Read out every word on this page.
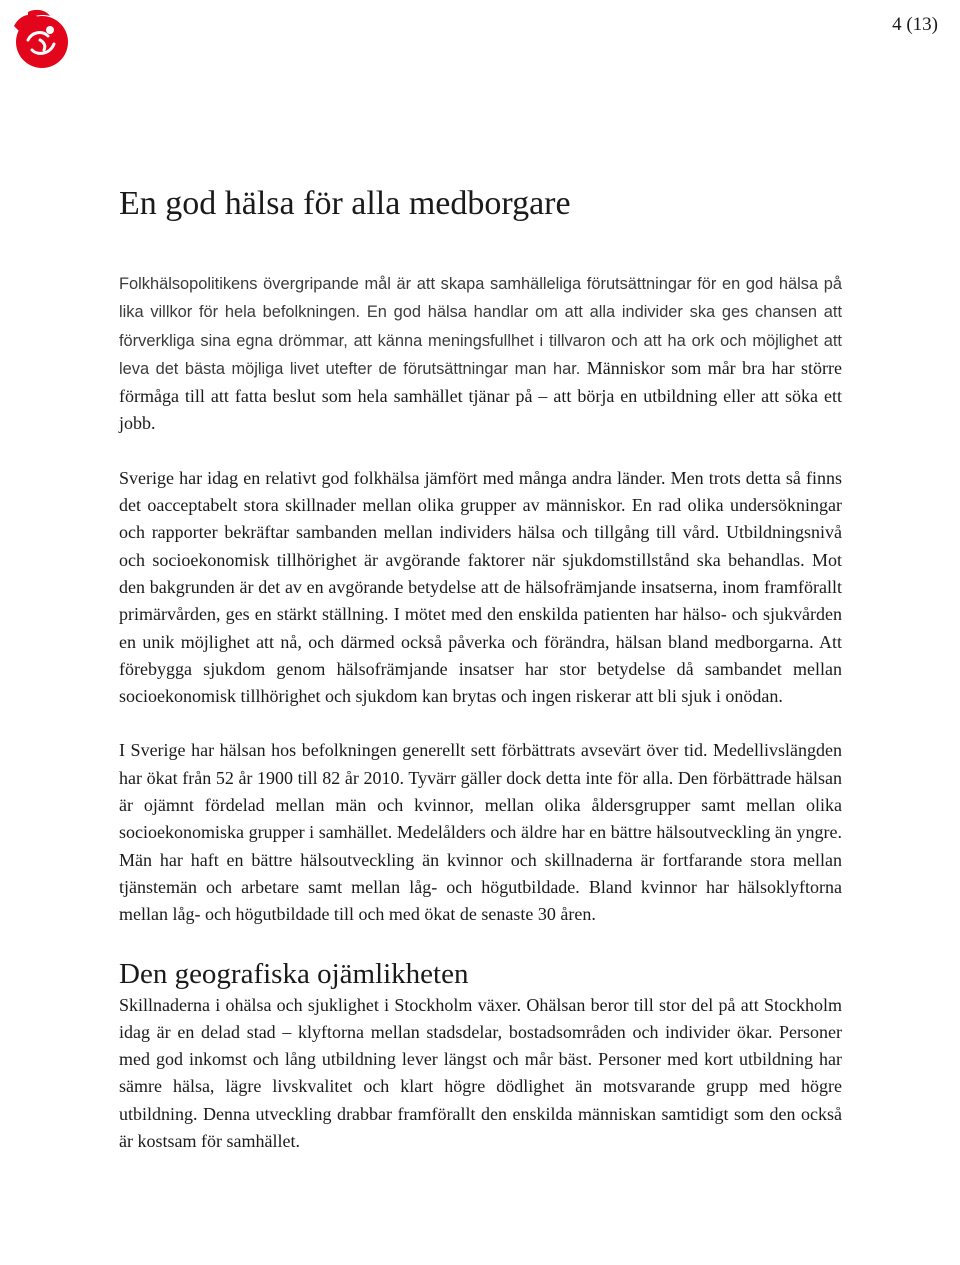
4 (13)
En god hälsa för alla medborgare

Folkhälsopolitikens övergripande mål är att skapa samhälleliga förutsättningar för en god hälsa på lika villkor för hela befolkningen. En god hälsa handlar om att alla individer ska ges chansen att förverkliga sina egna drömmar, att känna meningsfullhet i tillvaron och att ha ork och möjlighet att leva det bästa möjliga livet utefter de förutsättningar man har. Människor som mår bra har större förmåga till att fatta beslut som hela samhället tjänar på – att börja en utbildning eller att söka ett jobb.

Sverige har idag en relativt god folkhälsa jämfört med många andra länder. Men trots detta så finns det oacceptabelt stora skillnader mellan olika grupper av människor. En rad olika undersökningar och rapporter bekräftar sambanden mellan individers hälsa och tillgång till vård. Utbildningsnivå och socioekonomisk tillhörighet är avgörande faktorer när sjukdomstillstånd ska behandlas. Mot den bakgrunden är det av en avgörande betydelse att de hälsofrämjande insatserna, inom framförallt primärvården, ges en stärkt ställning. I mötet med den enskilda patienten har hälso- och sjukvården en unik möjlighet att nå, och därmed också påverka och förändra, hälsan bland medborgarna. Att förebygga sjukdom genom hälsofrämjande insatser har stor betydelse då sambandet mellan socioekonomisk tillhörighet och sjukdom kan brytas och ingen riskerar att bli sjuk i onödan.

I Sverige har hälsan hos befolkningen generellt sett förbättrats avsevärt över tid. Medellivslängden har ökat från 52 år 1900 till 82 år 2010. Tyvärr gäller dock detta inte för alla. Den förbättrade hälsan är ojämnt fördelad mellan män och kvinnor, mellan olika åldersgrupper samt mellan olika socioekonomiska grupper i samhället. Medelålders och äldre har en bättre hälsoutveckling än yngre. Män har haft en bättre hälsoutveckling än kvinnor och skillnaderna är fortfarande stora mellan tjänstemän och arbetare samt mellan låg- och högutbildade. Bland kvinnor har hälsoklyftorna mellan låg- och högutbildade till och med ökat de senaste 30 åren.

Den geografiska ojämlikheten

Skillnaderna i ohälsa och sjuklighet i Stockholm växer. Ohälsan beror till stor del på att Stockholm idag är en delad stad – klyftorna mellan stadsdelar, bostadsområden och individer ökar. Personer med god inkomst och lång utbildning lever längst och mår bäst. Personer med kort utbildning har sämre hälsa, lägre livskvalitet och klart högre dödlighet än motsvarande grupp med högre utbildning. Denna utveckling drabbar framförallt den enskilda människan samtidigt som den också är kostsam för samhället.
